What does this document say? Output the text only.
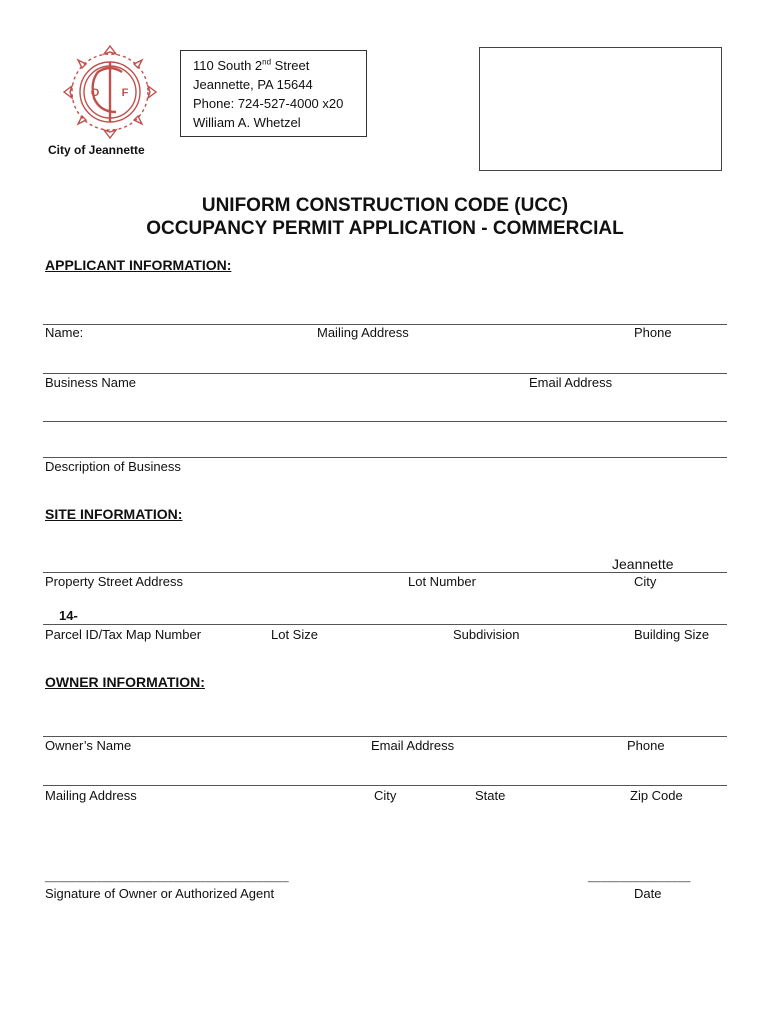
O F
City of Jeannette
110 South 2nd Street
Jeannette, PA 15644
Phone: 724-527-4000 x20
William A. Whetzel
UNIFORM CONSTRUCTION CODE (UCC)
OCCUPANCY PERMIT APPLICATION - COMMERCIAL
APPLICANT INFORMATION:
Name:	Mailing Address	Phone
Business Name	Email Address
Description of Business
SITE INFORMATION:
Jeannette
Property Street Address	Lot Number	City
14-
Parcel ID/Tax Map Number	Lot Size	Subdivision	Building Size
OWNER INFORMATION:
Owner’s Name	Email Address	Phone
Mailing Address	City	State	Zip Code
______________________________________	________________
Signature of Owner or Authorized Agent	Date
